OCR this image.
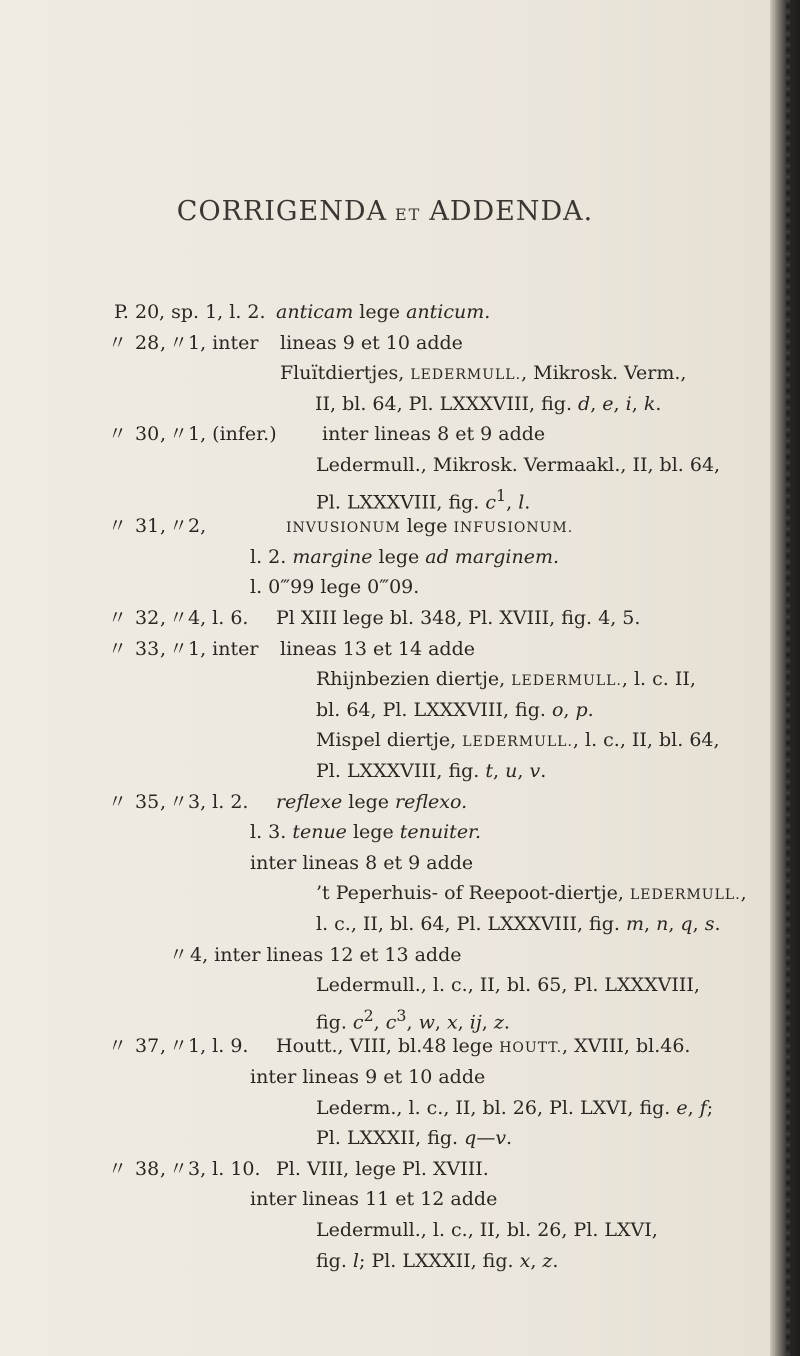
CORRIGENDA ET ADDENDA.
P. 20 , sp. 1, l. 2. anticam lege anticum.
〃 28 〃
, 1, inter lineas 9 et 10 adde
Fluïtdiertjes, LEDERMULL., Mikrosk. Verm.,
II, bl. 64, Pl. LXXXVIII, fig. d, e, i, k.
〃 30 〃
, 1, (infer.) inter lineas 8 et 9 adde
Ledermull., Mikrosk. Vermaakl., II, bl. 64,
Pl. LXXXVIII, fig. $c^1$, l.
〃 31 〃
, 2,	INVUSIONUM lege INFUSIONUM.
l. 2. margine lege ad marginem.
l. 0‴99 lege 0‴09.
〃 32 〃
, 4, l. 6. Pl XIII lege bl. 348, Pl. XVIII, fig. 4, 5.
〃 33 〃
, 1, inter lineas 13 et 14 adde
Rhijnbezien diertje, LEDERMULL., l. c. II,
bl. 64, Pl. LXXXVIII, fig. o, p.
Mispel diertje, LEDERMULL., l. c., II, bl. 64,
Pl. LXXXVIII, fig. t, u, v.
〃 35 〃
, 3, l. 2. reflexe lege reflexo.
l. 3. tenue lege tenuiter.
inter lineas 8 et 9 adde
’t Peperhuis- of Reepoot-diertje, LEDERMULL.,
l. c., II, bl. 64, Pl. LXXXVIII, fig. m, n, q, s.
〃 4, inter lineas 12 et 13 adde
Ledermull., l. c., II, bl. 65, Pl. LXXXVIII,
fig. $c^2$, $c^3$, w, x, ij, z.
〃 37 〃
, 1, l. 9. Houtt., VIII, bl.48 lege HOUTT., XVIII, bl.46.
inter lineas 9 et 10 adde
Lederm., l. c., II, bl. 26, Pl. LXVI, fig. e, f;
Pl. LXXXII, fig. q—v.
〃 38 〃
, 3, l. 10. Pl. VIII, lege Pl. XVIII.
inter lineas 11 et 12 adde
Ledermull., l. c., II, bl. 26, Pl. LXVI,
fig. l; Pl. LXXXII, fig. x, z.
